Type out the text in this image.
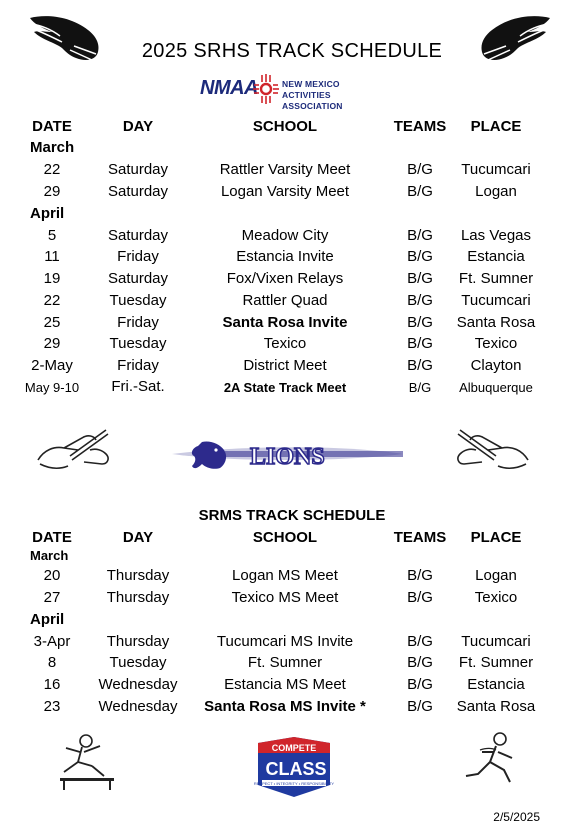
2025 SRHS TRACK SCHEDULE
NMAA	NEW MEXICO
ACTIVITIES ASSOCIATION
DATE	DAY	SCHOOL	TEAMS	PLACE
March
22	Saturday	Rattler Varsity Meet	B/G	Tucumcari
29	Saturday	Logan Varsity Meet	B/G	Logan
April
5	Saturday	Meadow City	B/G	Las Vegas
11	Friday	Estancia Invite	B/G	Estancia
19	Saturday	Fox/Vixen Relays	B/G	Ft. Sumner
22	Tuesday	Rattler Quad	B/G	Tucumcari
25	Friday	Santa Rosa Invite	B/G	Santa Rosa
29	Tuesday	Texico	B/G	Texico
2-May	Friday	District Meet	B/G	Clayton
May 9-10	Fri.-Sat.	2A State Track Meet	B/G	Albuquerque
LIONS
SRMS TRACK SCHEDULE
DATE	DAY	SCHOOL	TEAMS	PLACE
March
20	Thursday	Logan MS Meet	B/G	Logan
27	Thursday	Texico MS Meet	B/G	Texico
April
3-Apr	Thursday	Tucumcari MS Invite	B/G	Tucumcari
8	Tuesday	Ft. Sumner	B/G	Ft. Sumner
16	Wednesday	Estancia MS Meet	B/G	Estancia
23	Wednesday	Santa Rosa MS Invite *	B/G	Santa Rosa
COMPETE
CLASS
RESPECT • INTEGRITY • RESPONSIBILITY
2/5/2025
